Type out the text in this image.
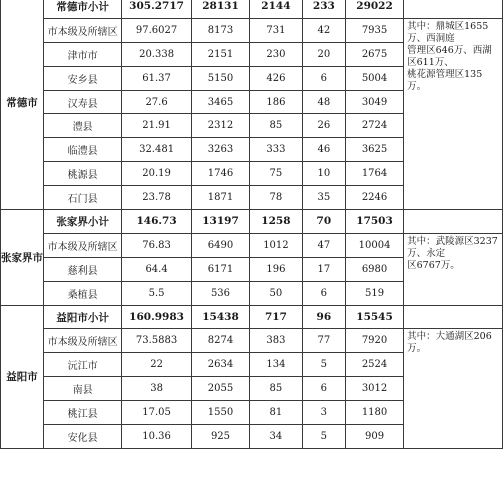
常德市	常德市小计	305.2717	28131	2144	233	29022	
	市本级及所辖区	97.6027	8173	731	42	7935	其中：鼎城区1655万、西洞庭
管理区646万、西湖区611万、
桃花源管理区135万。

	津市市	20.338	2151	230	20	2675	
	安乡县	61.37	5150	426	6	5004	
	汉寿县	27.6	3465	186	48	3049	
	澧县	21.91	2312	85	26	2724	
	临澧县	32.481	3263	333	46	3625	
	桃源县	20.19	1746	75	10	1764	
	石门县	23.78	1871	78	35	2246	
张家界市	张家界小计	146.73	13197	1258	70	17503	
	市本级及所辖区	76.83	6490	1012	47	10004	其中：武陵源区3237万、永定
区6767万。

	慈利县	64.4	6171	196	17	6980	
	桑植县	5.5	536	50	6	519	
益阳市	益阳市小计	160.9983	15438	717	96	15545	
	市本级及所辖区	73.5883	8274	383	77	7920	其中：大通湖区206万。

	沅江市	22	2634	134	5	2524	
	南县	38	2055	85	6	3012	
	桃江县	17.05	1550	81	3	1180	
	安化县	10.36	925	34	5	909	
